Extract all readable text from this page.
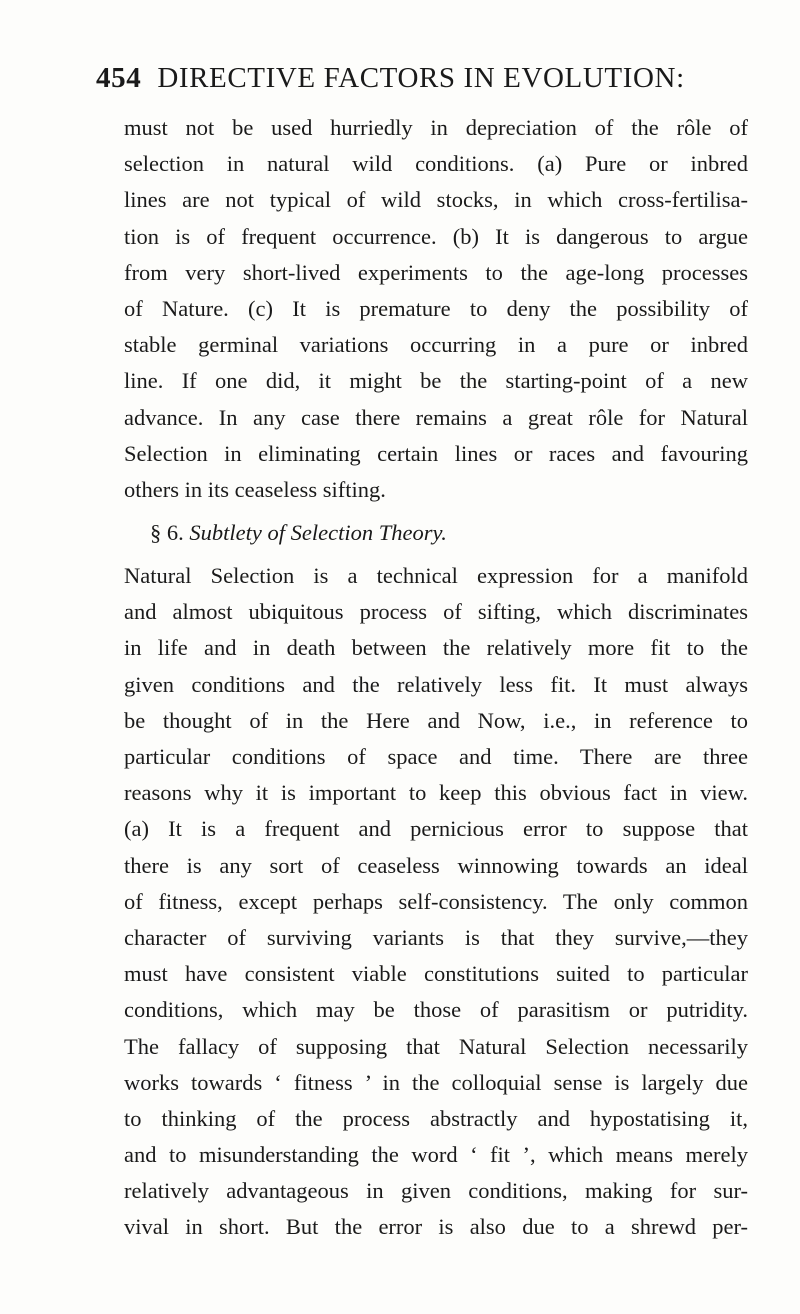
454 DIRECTIVE FACTORS IN EVOLUTION:
must not be used hurriedly in depreciation of the rôle of
selection in natural wild conditions. (a) Pure or inbred
lines are not typical of wild stocks, in which cross-fertilisa-
tion is of frequent occurrence. (b) It is dangerous to argue
from very short-lived experiments to the age-long processes
of Nature. (c) It is premature to deny the possibility of
stable germinal variations occurring in a pure or inbred
line. If one did, it might be the starting-point of a new
advance. In any case there remains a great rôle for Natural
Selection in eliminating certain lines or races and favouring
others in its ceaseless sifting.
§ 6. Subtlety of Selection Theory.
Natural Selection is a technical expression for a manifold
and almost ubiquitous process of sifting, which discriminates
in life and in death between the relatively more fit to the
given conditions and the relatively less fit. It must always
be thought of in the Here and Now, i.e., in reference to
particular conditions of space and time. There are three
reasons why it is important to keep this obvious fact in view.
(a) It is a frequent and pernicious error to suppose that
there is any sort of ceaseless winnowing towards an ideal
of fitness, except perhaps self-consistency. The only common
character of surviving variants is that they survive,—they
must have consistent viable constitutions suited to particular
conditions, which may be those of parasitism or putridity.
The fallacy of supposing that Natural Selection necessarily
works towards ‘ fitness ’ in the colloquial sense is largely due
to thinking of the process abstractly and hypostatising it,
and to misunderstanding the word ‘ fit ’, which means merely
relatively advantageous in given conditions, making for sur-
vival in short. But the error is also due to a shrewd per-
